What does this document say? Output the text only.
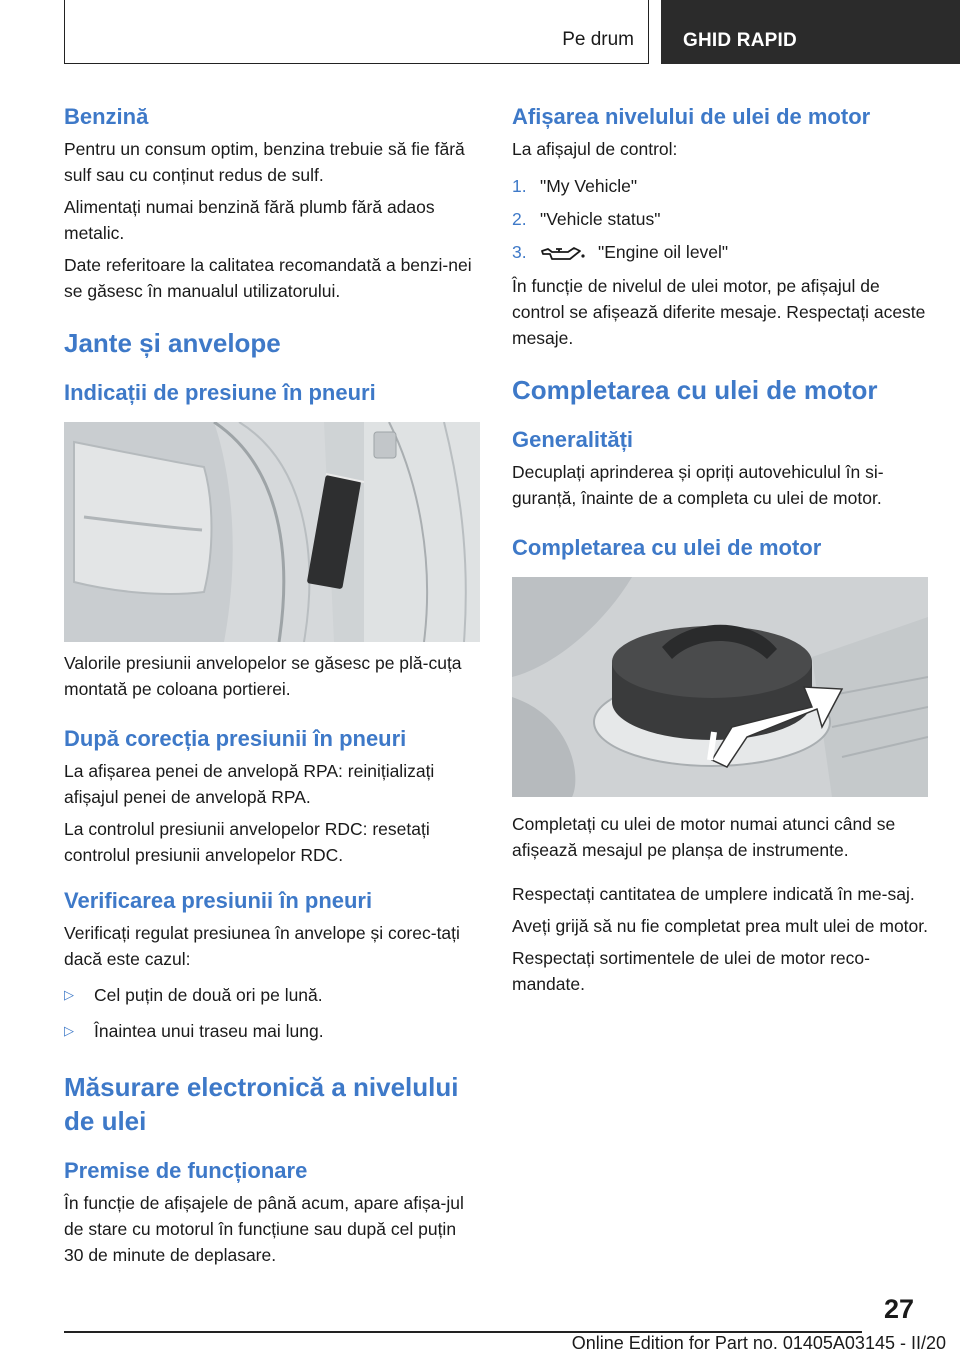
Pe drum	GHID RAPID
Benzină

Pentru un consum optim, benzina trebuie să fie fără sulf sau cu conținut redus de sulf.

Alimentați numai benzină fără plumb fără adaos metalic.

Date referitoare la calitatea recomandată a benzi-nei se găsesc în manualul utilizatorului.

Jante și anvelope
Indicații de presiune în pneuri

Valorile presiunii anvelopelor se găsesc pe plă-cuța montată pe coloana portierei.

După corecția presiunii în pneuri

La afișarea penei de anvelopă RPA: reinițializați afișajul penei de anvelopă RPA.

La controlul presiunii anvelopelor RDC: resetați controlul presiunii anvelopelor RDC.

Verificarea presiunii în pneuri

Verificați regulat presiunea în anvelope și corec-tați dacă este cazul:

▷	Cel puțin de două ori pe lună.
▷	Înaintea unui traseu mai lung.
Măsurare electronică a nivelului de ulei
Premise de funcționare

În funcție de afișajele de până acum, apare afișa-jul de stare cu motorul în funcțiune sau după cel puțin 30 de minute de deplasare.

Afișarea nivelului de ulei de motor

La afișajul de control:

1. "My Vehicle"
2. "Vehicle status"
3.	"Engine oil level"

În funcție de nivelul de ulei motor, pe afișajul de control se afișează diferite mesaje. Respectați aceste mesaje.

Completarea cu ulei de motor
Generalități

Decuplați aprinderea și opriți autovehiculul în si-guranță, înainte de a completa cu ulei de motor.

Completarea cu ulei de motor

Completați cu ulei de motor numai atunci când se afișează mesajul pe planșa de instrumente.

Respectați cantitatea de umplere indicată în me-saj.

Aveți grijă să nu fie completat prea mult ulei de motor.

Respectați sortimentele de ulei de motor reco-mandate.

27
Online Edition for Part no. 01405A03145 - II/20
